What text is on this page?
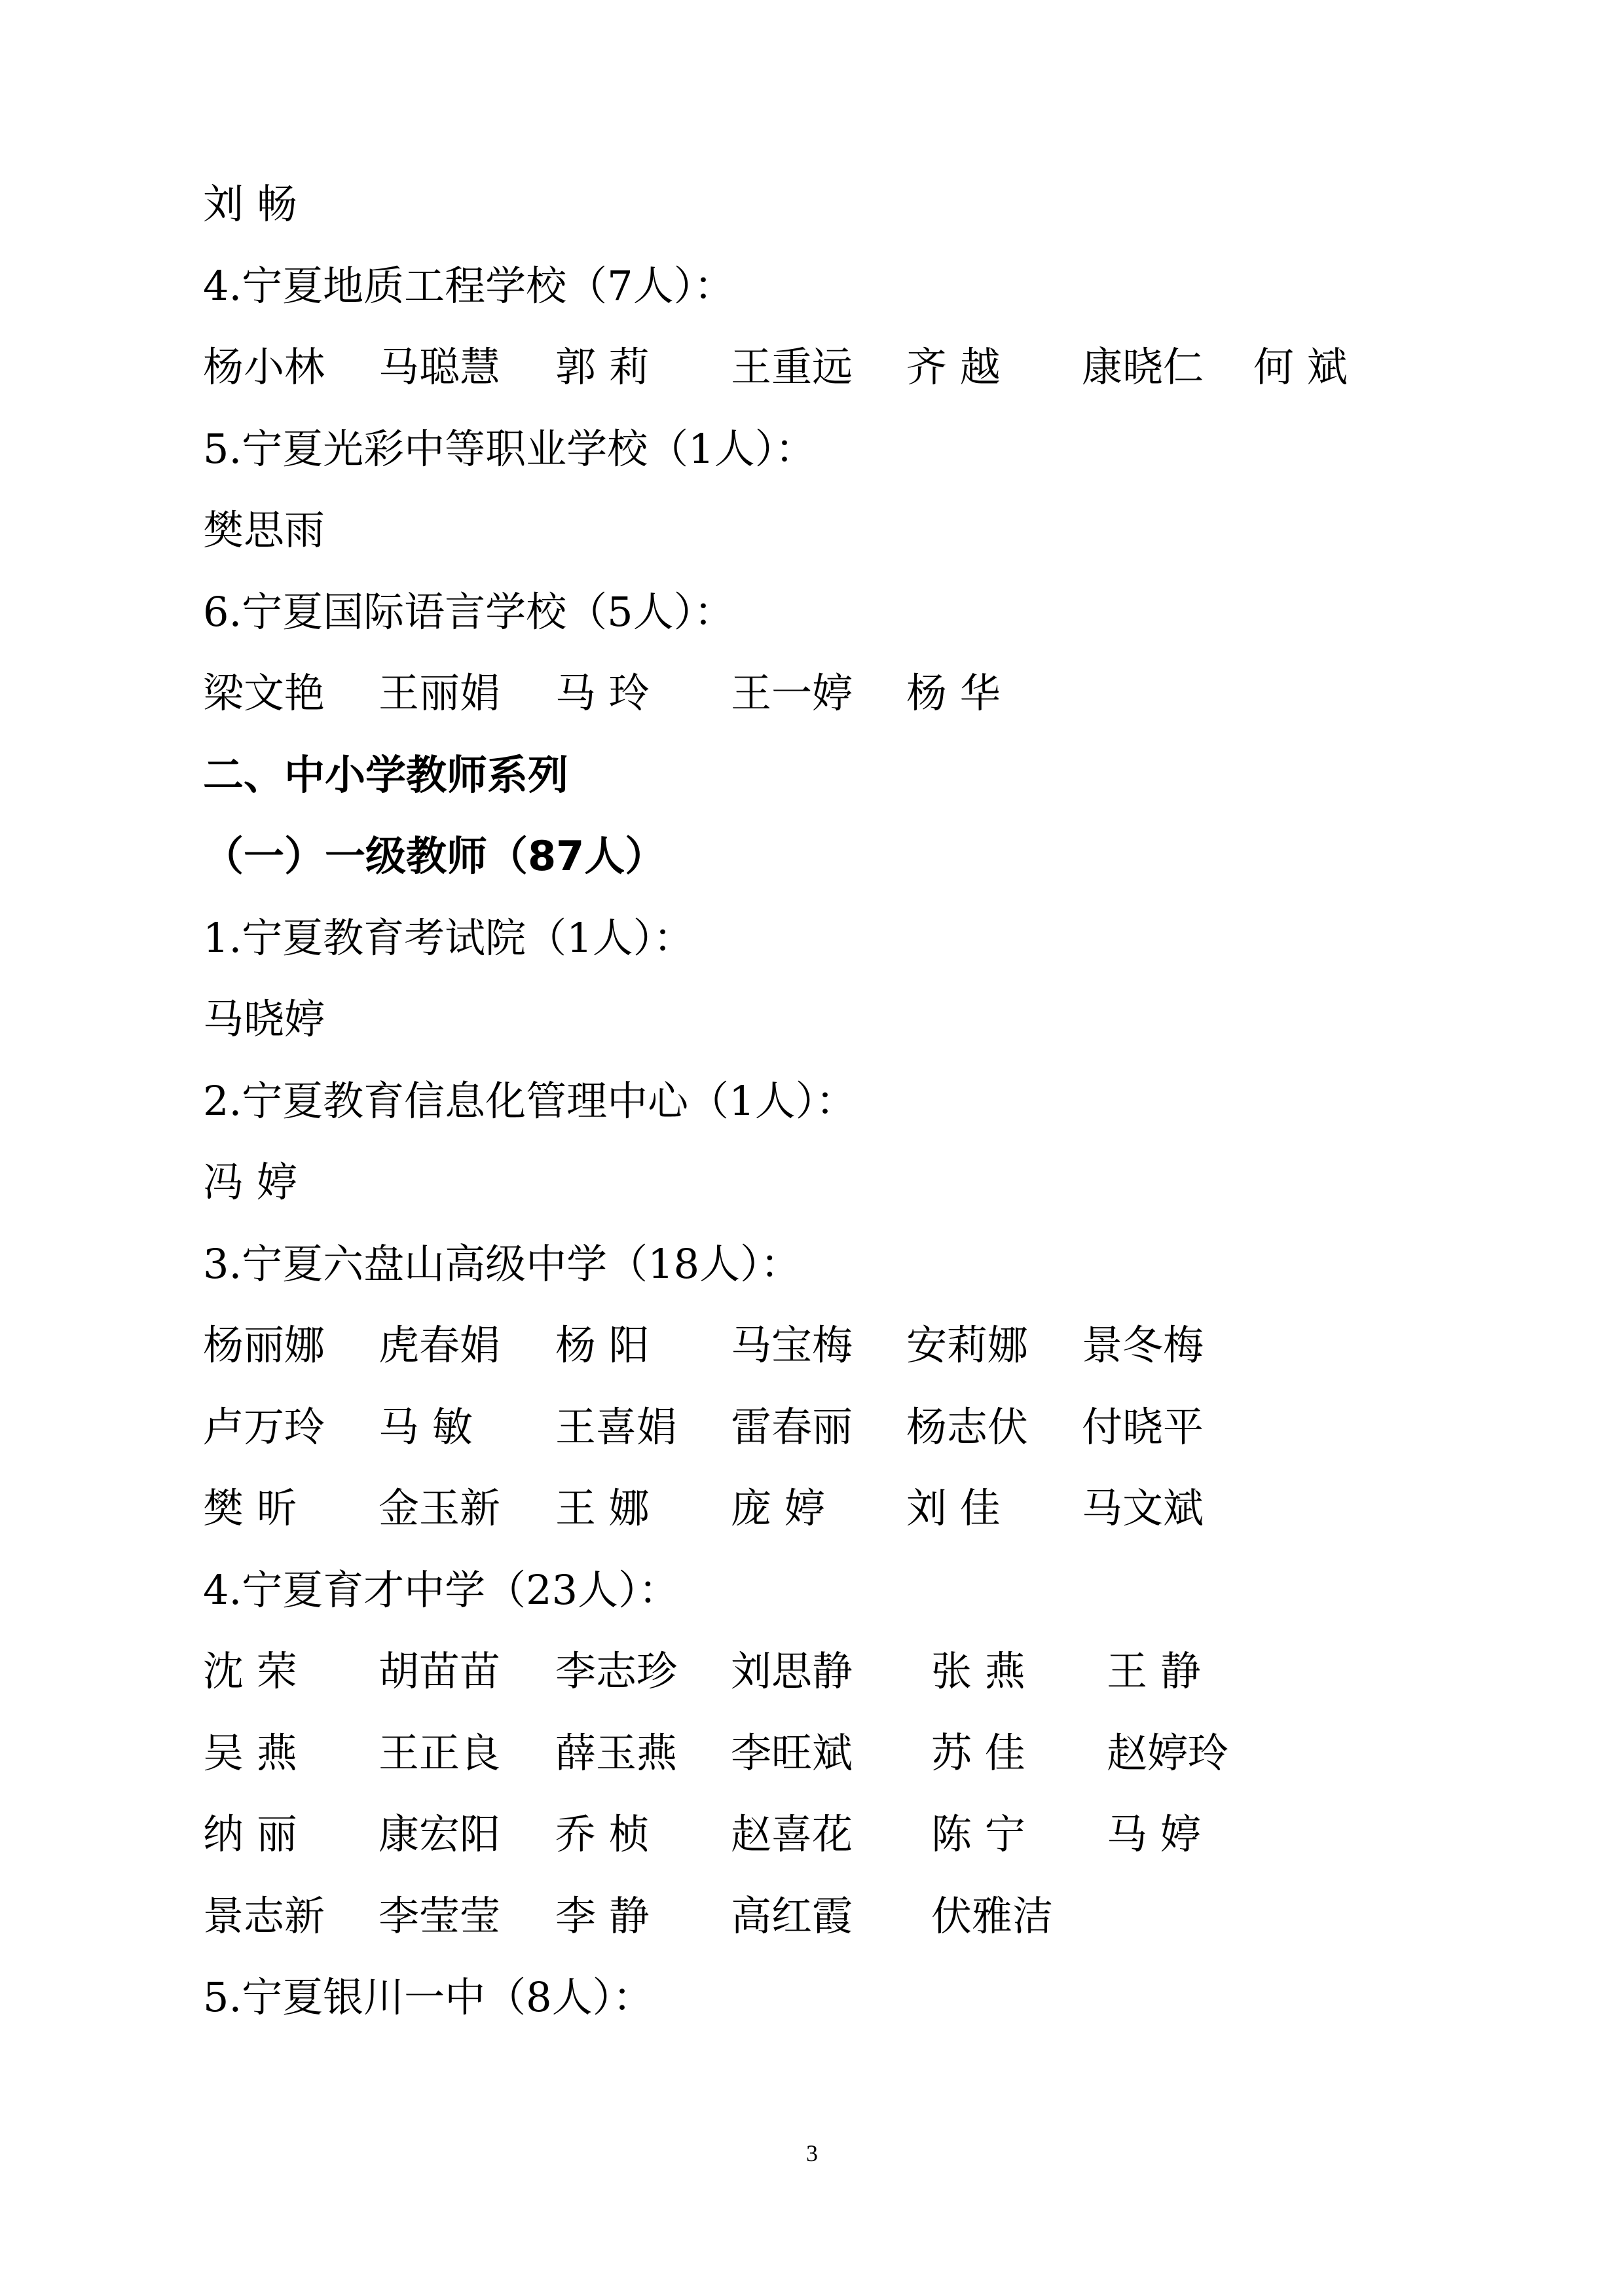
刘 畅
4.宁夏地质工程学校（7人）：
杨小林 马聪慧 郭 莉 王重远 齐 越 康晓仁 何 斌
5.宁夏光彩中等职业学校（1人）：
樊思雨
6.宁夏国际语言学校（5人）：
梁文艳 王丽娟 马 玲 王一婷 杨 华
二、中小学教师系列
（一）一级教师（87人）
1.宁夏教育考试院（1人）：
马晓婷
2.宁夏教育信息化管理中心（1人）：
冯 婷
3.宁夏六盘山高级中学（18人）：
杨丽娜 虎春娟 杨 阳 马宝梅 安莉娜 景冬梅
卢万玲 马 敏 王喜娟 雷春丽 杨志伏 付晓平
樊 昕 金玉新 王 娜 庞 婷 刘 佳 马文斌
4.宁夏育才中学（23人）：
沈 荣 胡苗苗 李志珍 刘思静 张 燕 王 静
吴 燕 王正良 薛玉燕 李旺斌 苏 佳 赵婷玲
纳 丽 康宏阳 乔 桢 赵喜花 陈 宁 马 婷
景志新 李莹莹 李 静 高红霞 伏雅洁
5.宁夏银川一中（8人）：
3
